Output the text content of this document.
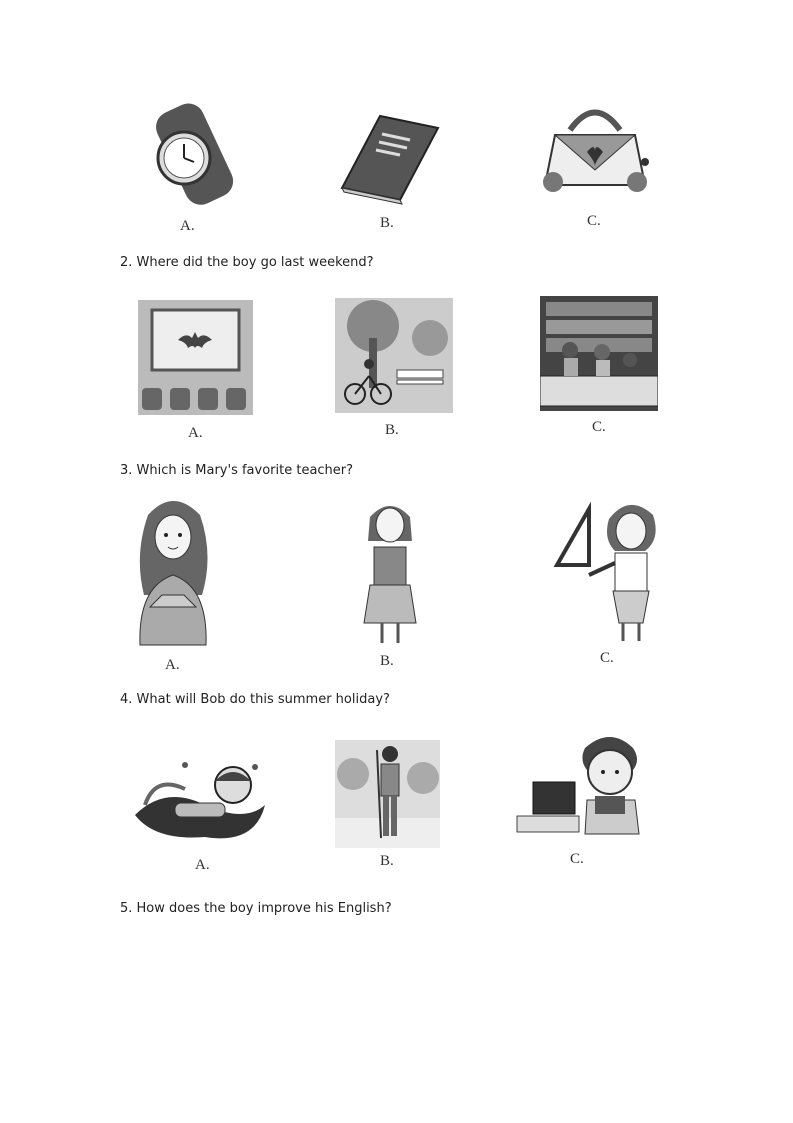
A.	B.	C.
2. Where did the boy go last weekend?
A.	B.	C.
3. Which is Mary's favorite teacher?
A.	B.	C.
4. What will Bob do this summer holiday?
A.	B.	C.
5. How does the boy improve his English?
